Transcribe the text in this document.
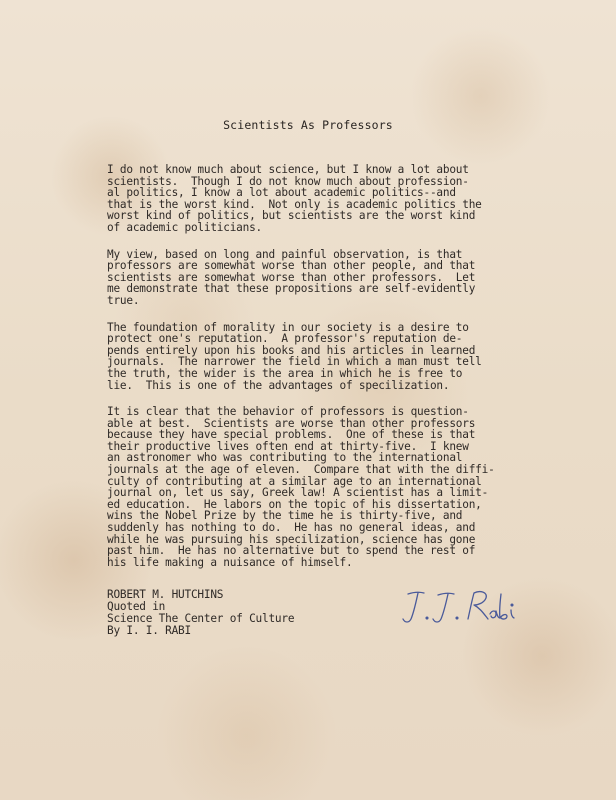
Scientists As Professors
I do not know much about science, but I know a lot about
scientists.  Though I do not know much about profession-
al politics, I know a lot about academic politics--and
that is the worst kind.  Not only is academic politics the
worst kind of politics, but scientists are the worst kind
of academic politicians.
My view, based on long and painful observation, is that
professors are somewhat worse than other people, and that
scientists are somewhat worse than other professors.  Let
me demonstrate that these propositions are self-evidently
true.
The foundation of morality in our society is a desire to
protect one's reputation.  A professor's reputation de-
pends entirely upon his books and his articles in learned
journals.  The narrower the field in which a man must tell
the truth, the wider is the area in which he is free to
lie.  This is one of the advantages of specilization.
It is clear that the behavior of professors is question-
able at best.  Scientists are worse than other professors
because they have special problems.  One of these is that
their productive lives often end at thirty-five.  I knew
an astronomer who was contributing to the international
journals at the age of eleven.  Compare that with the diffi-
culty of contributing at a similar age to an international
journal on, let us say, Greek law! A scientist has a limit-
ed education.  He labors on the topic of his dissertation,
wins the Nobel Prize by the time he is thirty-five, and
suddenly has nothing to do.  He has no general ideas, and
while he was pursuing his specilization, science has gone
past him.  He has no alternative but to spend the rest of
his life making a nuisance of himself.
ROBERT M. HUTCHINS
Quoted in
Science The Center of Culture
By I. I. RABI
